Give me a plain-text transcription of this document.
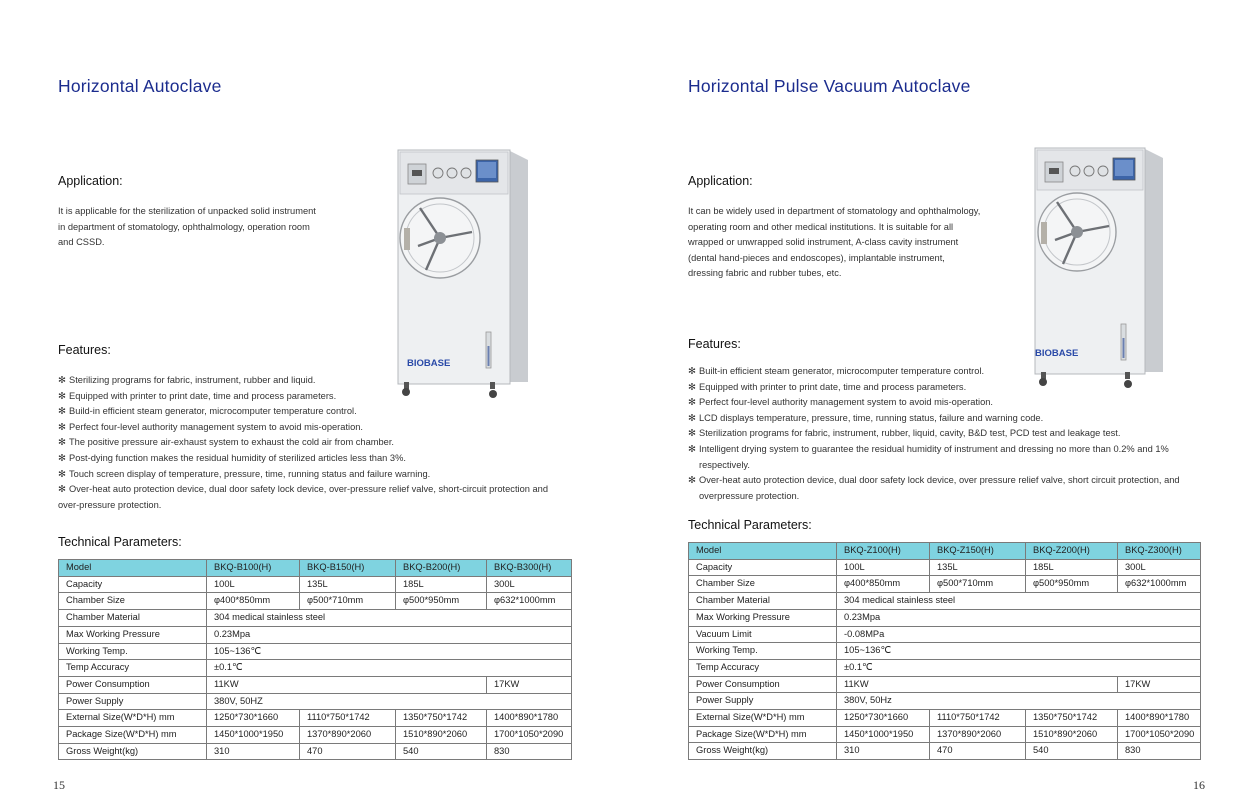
Horizontal Autoclave
Application:
It is applicable for the sterilization of unpacked solid instrument
in department of stomatology, ophthalmology, operation room
and CSSD.
BIOBASE
Features:
✻ Sterilizing programs for fabric, instrument, rubber and liquid.
✻ Equipped with printer to print date, time and process parameters.
✻ Build-in efficient steam generator, microcomputer temperature control.
✻ Perfect four-level authority management system to avoid mis-operation.
✻ The positive pressure air-exhaust system to exhaust the cold air from chamber.
✻ Post-dying function makes the residual humidity of sterilized articles less than 3%.
✻ Touch screen display of temperature, pressure, time, running status and failure warning.
✻ Over-heat auto protection device, dual door safety lock device, over-pressure relief valve, short-circuit protection and
over-pressure protection.
Technical Parameters:
Model	BKQ-B100(H)	BKQ-B150(H)	BKQ-B200(H)	BKQ-B300(H)
Capacity	100L	135L	185L	300L
Chamber Size	φ400*850mm	φ500*710mm	φ500*950mm	φ632*1000mm
Chamber Material	304 medical stainless steel			
Max Working Pressure	0.23Mpa			
Working Temp.	105~136℃			
Temp Accuracy	±0.1℃			
Power Consumption	11KW			17KW
Power Supply	380V, 50HZ			
External Size(W*D*H) mm	1250*730*1660	1110*750*1742	1350*750*1742	1400*890*1780
Package Size(W*D*H) mm	1450*1000*1950	1370*890*2060	1510*890*2060	1700*1050*2090
Gross Weight(kg)	310	470	540	830
15
Horizontal Pulse Vacuum Autoclave
Application:
It can be widely used in department of stomatology and ophthalmology,
operating room and other medical institutions. It is suitable for all
wrapped or unwrapped solid instrument, A-class cavity instrument
(dental hand-pieces and endoscopes), implantable instrument,
dressing fabric and rubber tubes, etc.
BIOBASE
Features:
✻ Built-in efficient steam generator, microcomputer temperature control.
✻ Equipped with printer to print date, time and process parameters.
✻ Perfect four-level authority management system to avoid mis-operation.
✻ LCD displays temperature, pressure, time, running status, failure and warning code.
✻ Sterilization programs for fabric, instrument, rubber, liquid, cavity, B&D test, PCD test and leakage test.
✻ Intelligent drying system to guarantee the residual humidity of instrument and dressing no more than 0.2% and 1%
respectively.
✻ Over-heat auto protection device, dual door safety lock device, over pressure relief valve, short circuit protection, and
overpressure protection.
Technical Parameters:
Model	BKQ-Z100(H)	BKQ-Z150(H)	BKQ-Z200(H)	BKQ-Z300(H)
Capacity	100L	135L	185L	300L
Chamber Size	φ400*850mm	φ500*710mm	φ500*950mm	φ632*1000mm
Chamber Material	304 medical stainless steel			
Max Working Pressure	0.23Mpa			
Vacuum Limit	-0.08MPa			
Working Temp.	105~136℃			
Temp Accuracy	±0.1℃			
Power Consumption	11KW			17KW
Power Supply	380V, 50Hz			
External Size(W*D*H) mm	1250*730*1660	1110*750*1742	1350*750*1742	1400*890*1780
Package Size(W*D*H) mm	1450*1000*1950	1370*890*2060	1510*890*2060	1700*1050*2090
Gross Weight(kg)	310	470	540	830
16
